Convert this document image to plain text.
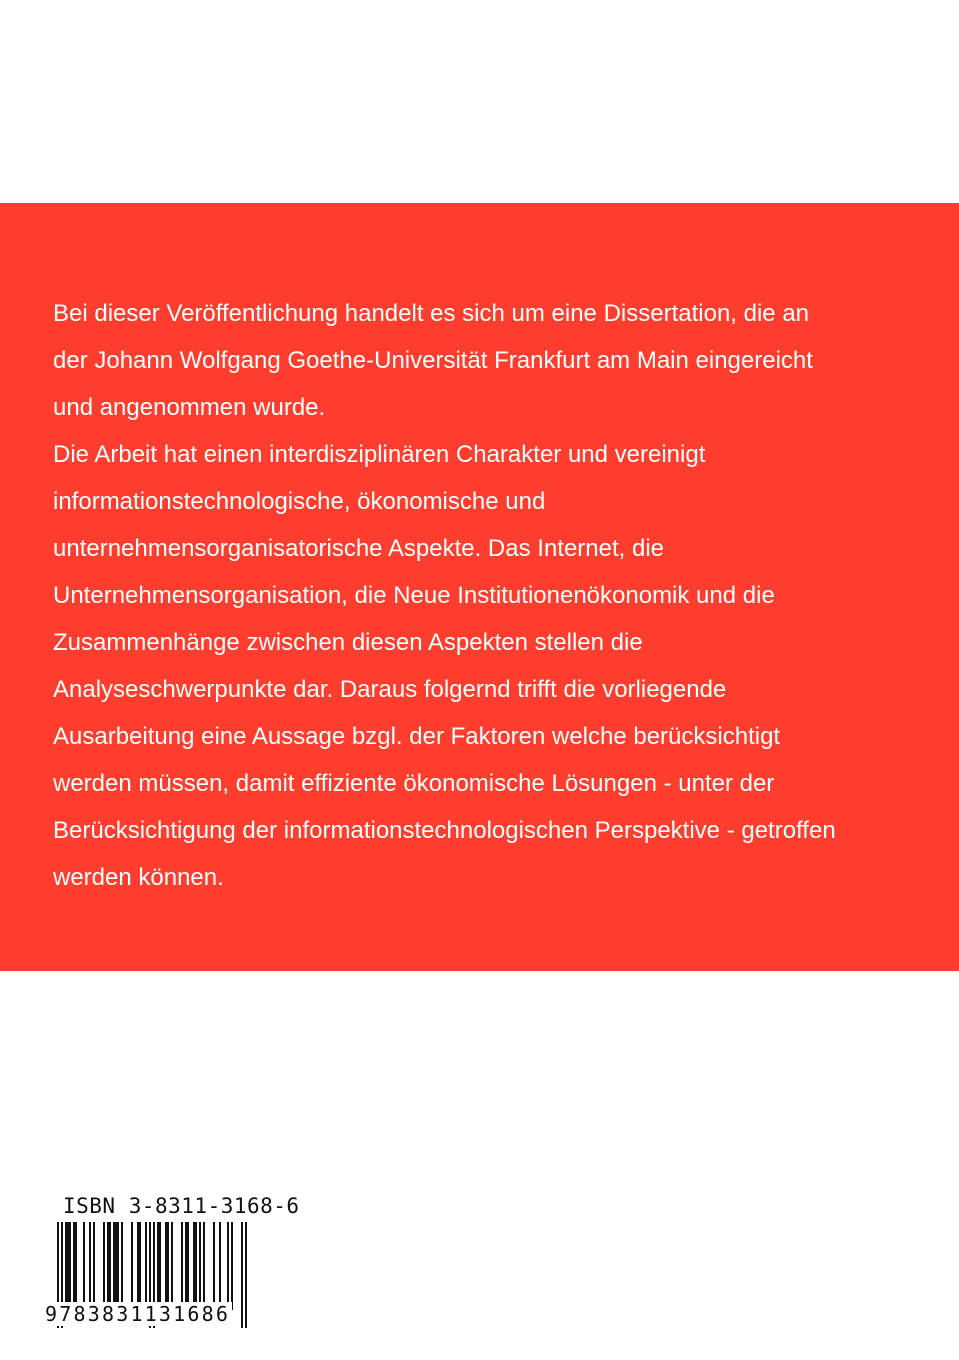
Bei dieser Veröffentlichung handelt es sich um eine Dissertation, die an
der Johann Wolfgang Goethe-Universität Frankfurt am Main eingereicht
und angenommen wurde.
Die Arbeit hat einen interdisziplinären Charakter und vereinigt
informationstechnologische, ökonomische und
unternehmensorganisatorische Aspekte. Das Internet, die
Unternehmensorganisation, die Neue Institutionenökonomik und die
Zusammenhänge zwischen diesen Aspekten stellen die
Analyseschwerpunkte dar. Daraus folgernd trifft die vorliegende
Ausarbeitung eine Aussage bzgl. der Faktoren welche berücksichtigt
werden müssen, damit effiziente ökonomische Lösungen - unter der
Berücksichtigung der informationstechnologischen Perspektive - getroffen
werden können.
ISBN 3-8311-3168-6
9783831131686
